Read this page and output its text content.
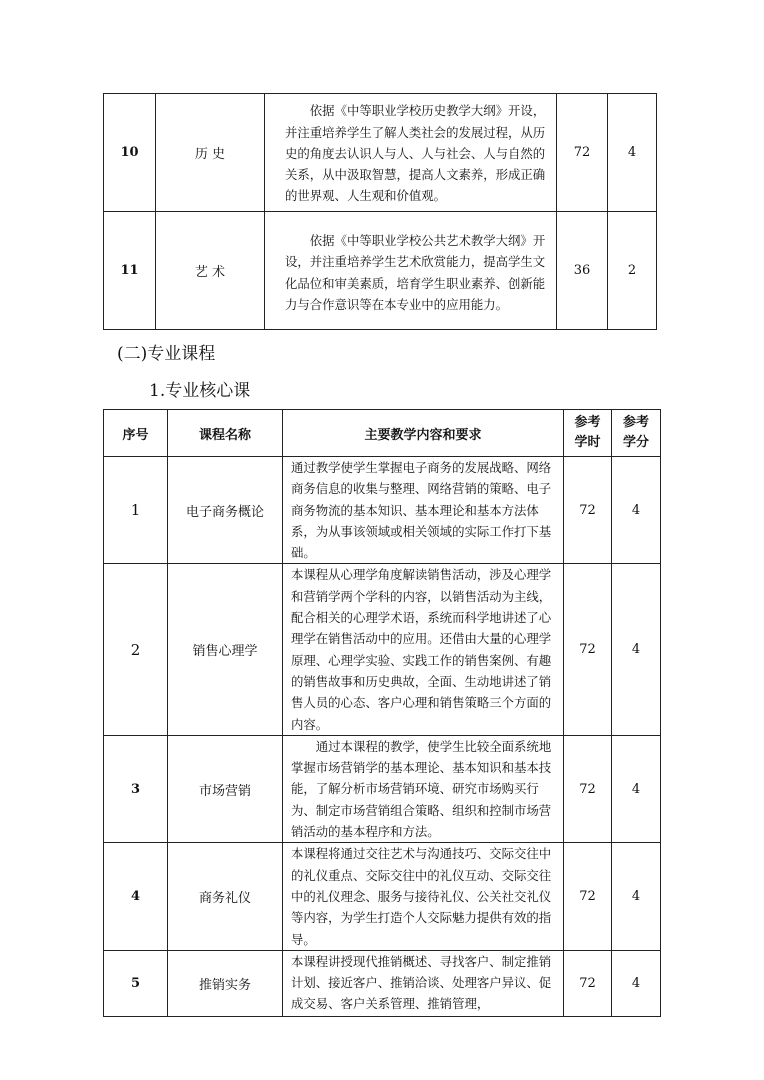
10	历 史	依据《中等职业学校历史教学大纲》开设，并注重培养学生了解人类社会的发展过程，从历史的角度去认识人与人、人与社会、人与自然的关系，从中汲取智慧，提高人文素养，形成正确的世界观、人生观和价值观。	72	4
11	艺 术	依据《中等职业学校公共艺术教学大纲》开设，并注重培养学生艺术欣赏能力，提高学生文化品位和审美素质，培育学生职业素养、创新能力与合作意识等在本专业中的应用能力。	36	2
(二)专业课程
1.专业核心课
序号	课程名称	主要教学内容和要求	参考学时	参考学分
1	电子商务概论	通过教学使学生掌握电子商务的发展战略、网络商务信息的收集与整理、网络营销的策略、电子商务物流的基本知识、基本理论和基本方法体系，为从事该领域或相关领域的实际工作打下基础。	72	4
2	销售心理学	本课程从心理学角度解读销售活动，涉及心理学和营销学两个学科的内容，以销售活动为主线，配合相关的心理学术语，系统而科学地讲述了心理学在销售活动中的应用。还借由大量的心理学原理、心理学实验、实践工作的销售案例、有趣的销售故事和历史典故，全面、生动地讲述了销售人员的心态、客户心理和销售策略三个方面的内容。	72	4
3	市场营销	通过本课程的教学，使学生比较全面系统地掌握市场营销学的基本理论、基本知识和基本技能，了解分析市场营销环境、研究市场购买行为、制定市场营销组合策略、组织和控制市场营销活动的基本程序和方法。	72	4
4	商务礼仪	本课程将通过交往艺术与沟通技巧、交际交往中的礼仪重点、交际交往中的礼仪互动、交际交往中的礼仪理念、服务与接待礼仪、公关社交礼仪等内容，为学生打造个人交际魅力提供有效的指导。	72	4
5	推销实务	本课程讲授现代推销概述、寻找客户、制定推销计划、接近客户、推销洽谈、处理客户异议、促成交易、客户关系管理、推销管理，	72	4
